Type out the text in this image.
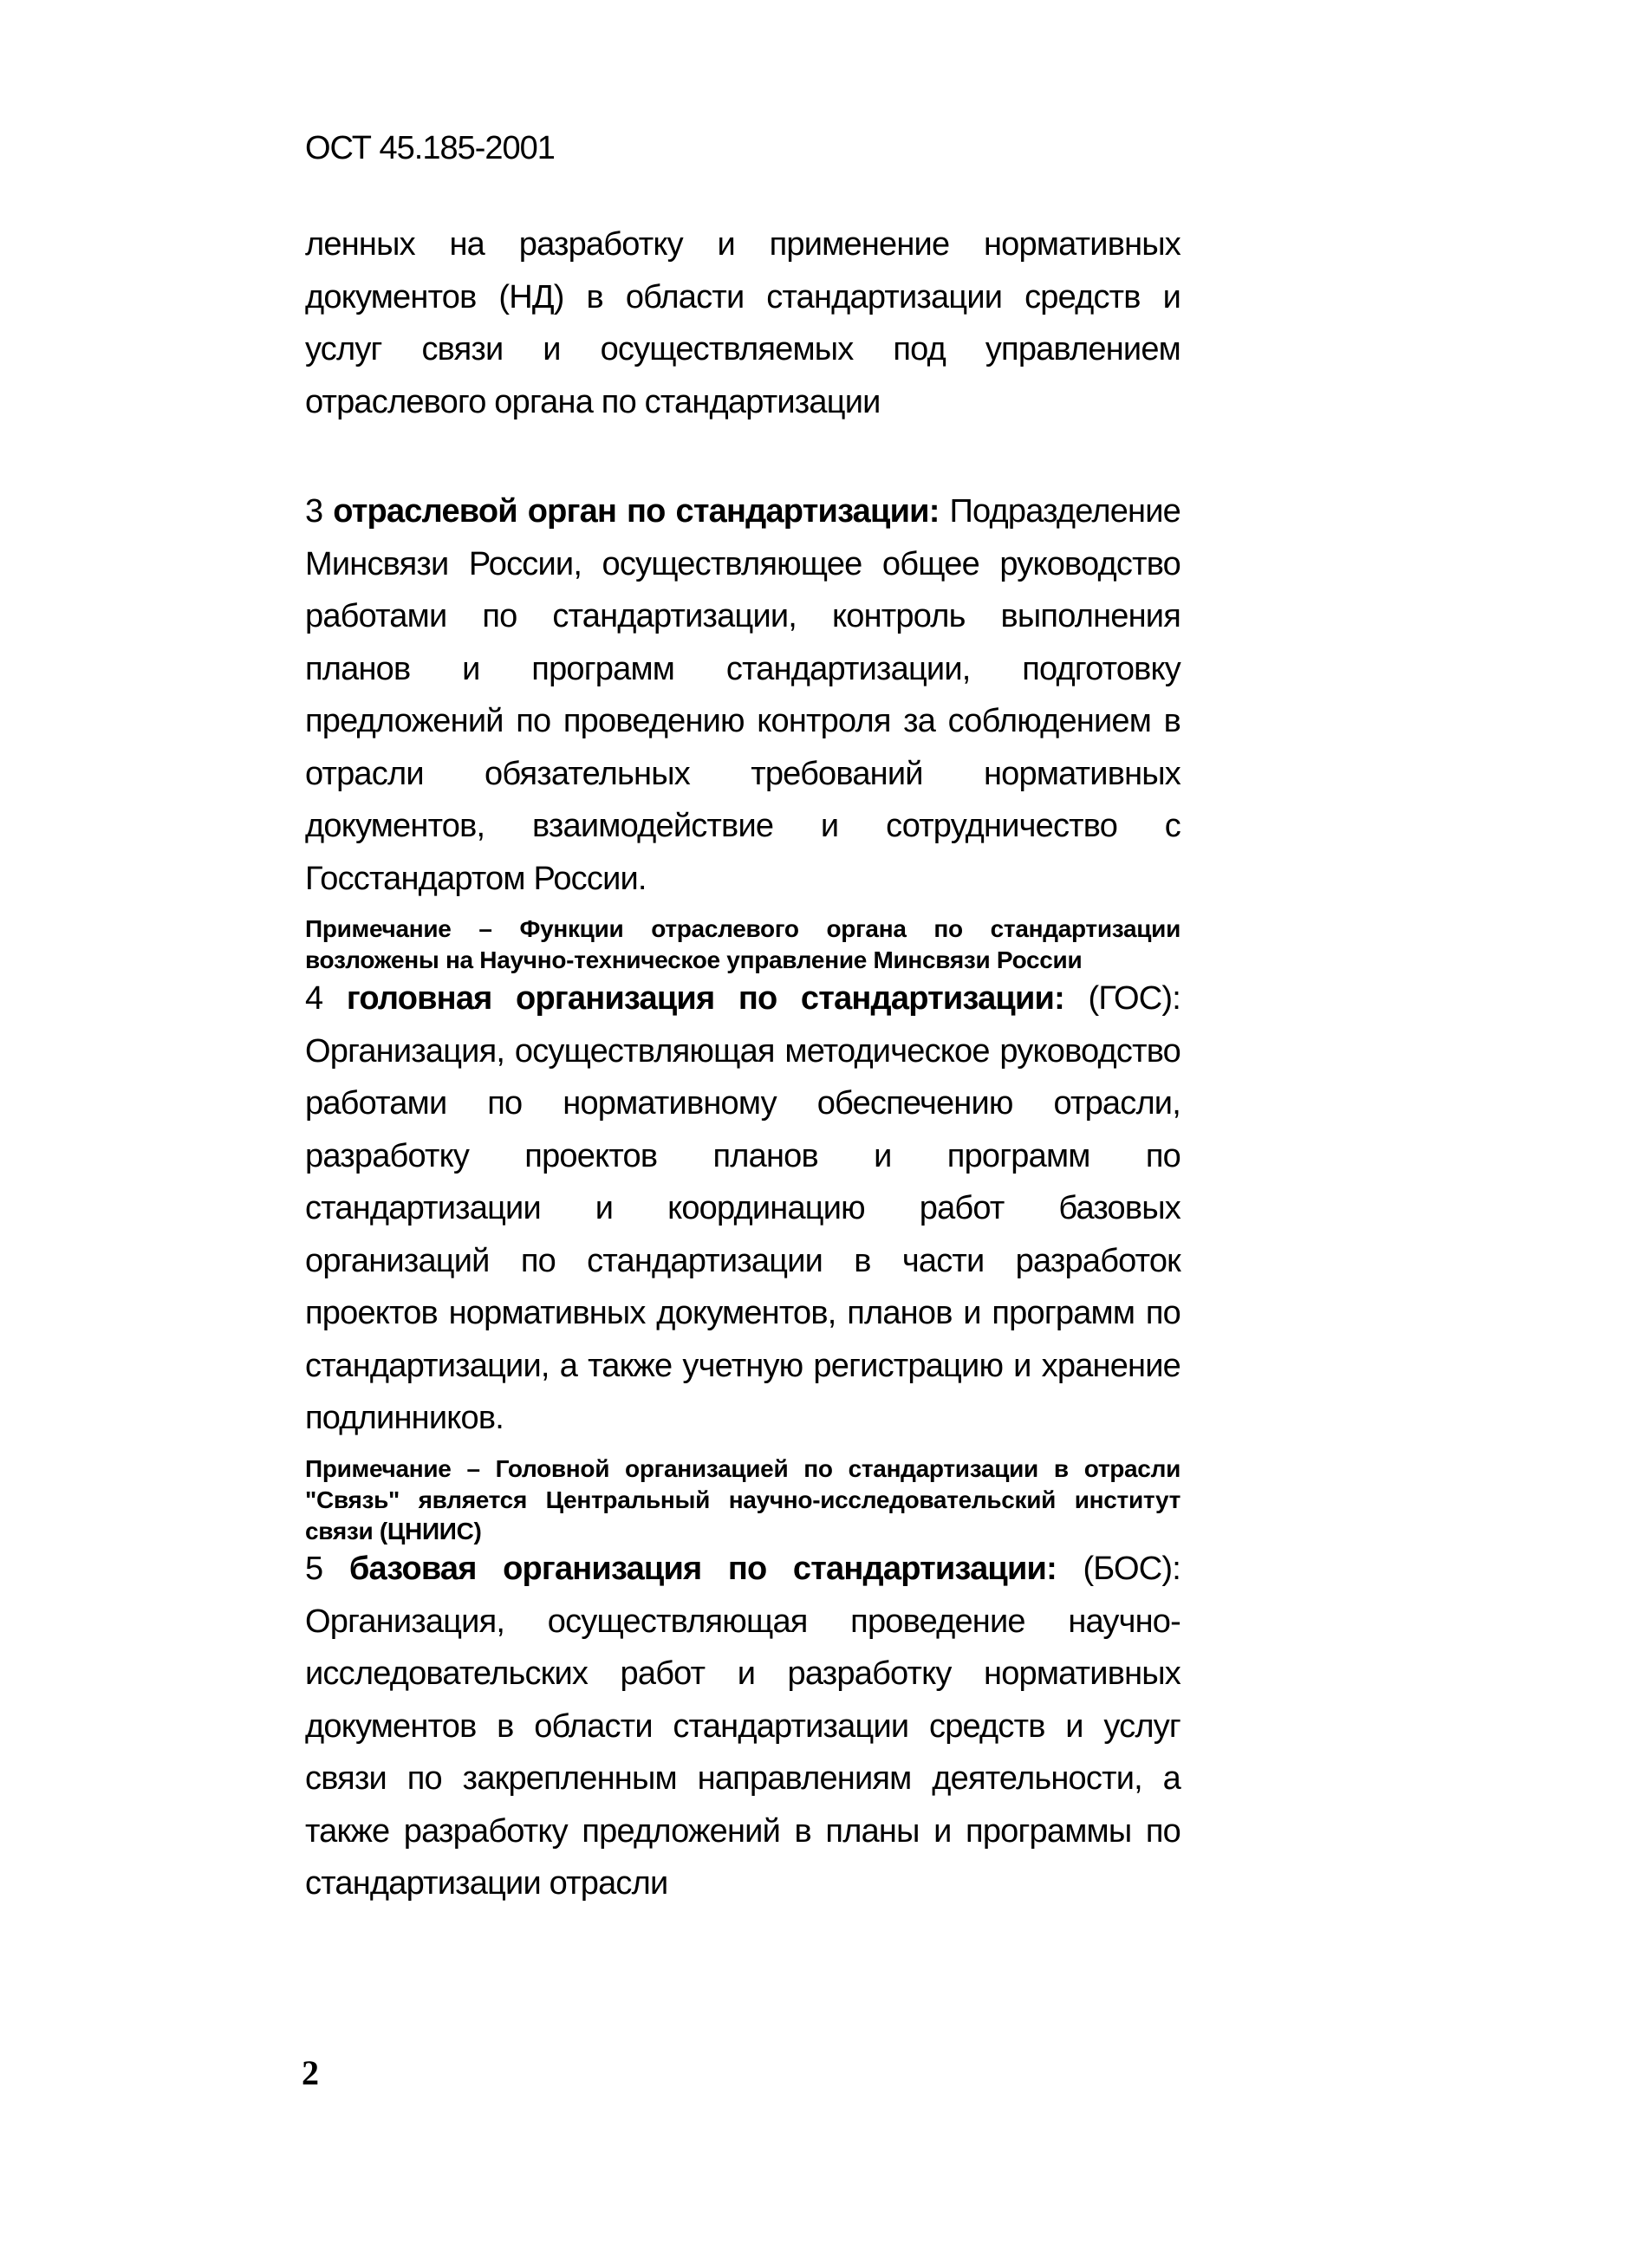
ОСТ 45.185-2001

ленных на разработку и применение нормативных документов (НД) в области стандартизации средств и услуг связи и осуществляемых под управлением отраслевого органа по стандартизации

3 отраслевой орган по стандартизации: Подразделение Минсвязи России, осуществляющее общее руководство работами по стандартизации, контроль выполнения планов и программ стандартизации, подготовку предложений по проведению контроля за соблюдением в отрасли обязательных требований нормативных документов, взаимодействие и сотрудничество с Госстандартом России.

Примечание – Функции отраслевого органа по стандартизации возложены на Научно-техническое управление Минсвязи России

4 головная организация по стандартизации: (ГОС): Организация, осуществляющая методическое руководство работами по нормативному обеспечению отрасли, разработку проектов планов и программ по стандартизации и координацию работ базовых организаций по стандартизации в части разработок проектов нормативных документов, планов и программ по стандартизации, а также учетную регистрацию и хранение подлинников.

Примечание – Головной организацией по стандартизации в отрасли "Связь" является Центральный научно-исследовательский институт связи (ЦНИИС)

5 базовая организация по стандартизации: (БОС): Организация, осуществляющая проведение научно-исследовательских работ и разработку нормативных документов в области стандартизации средств и услуг связи по закрепленным направлениям деятельности, а также разработку предложений в планы и программы по стандартизации отрасли

2
